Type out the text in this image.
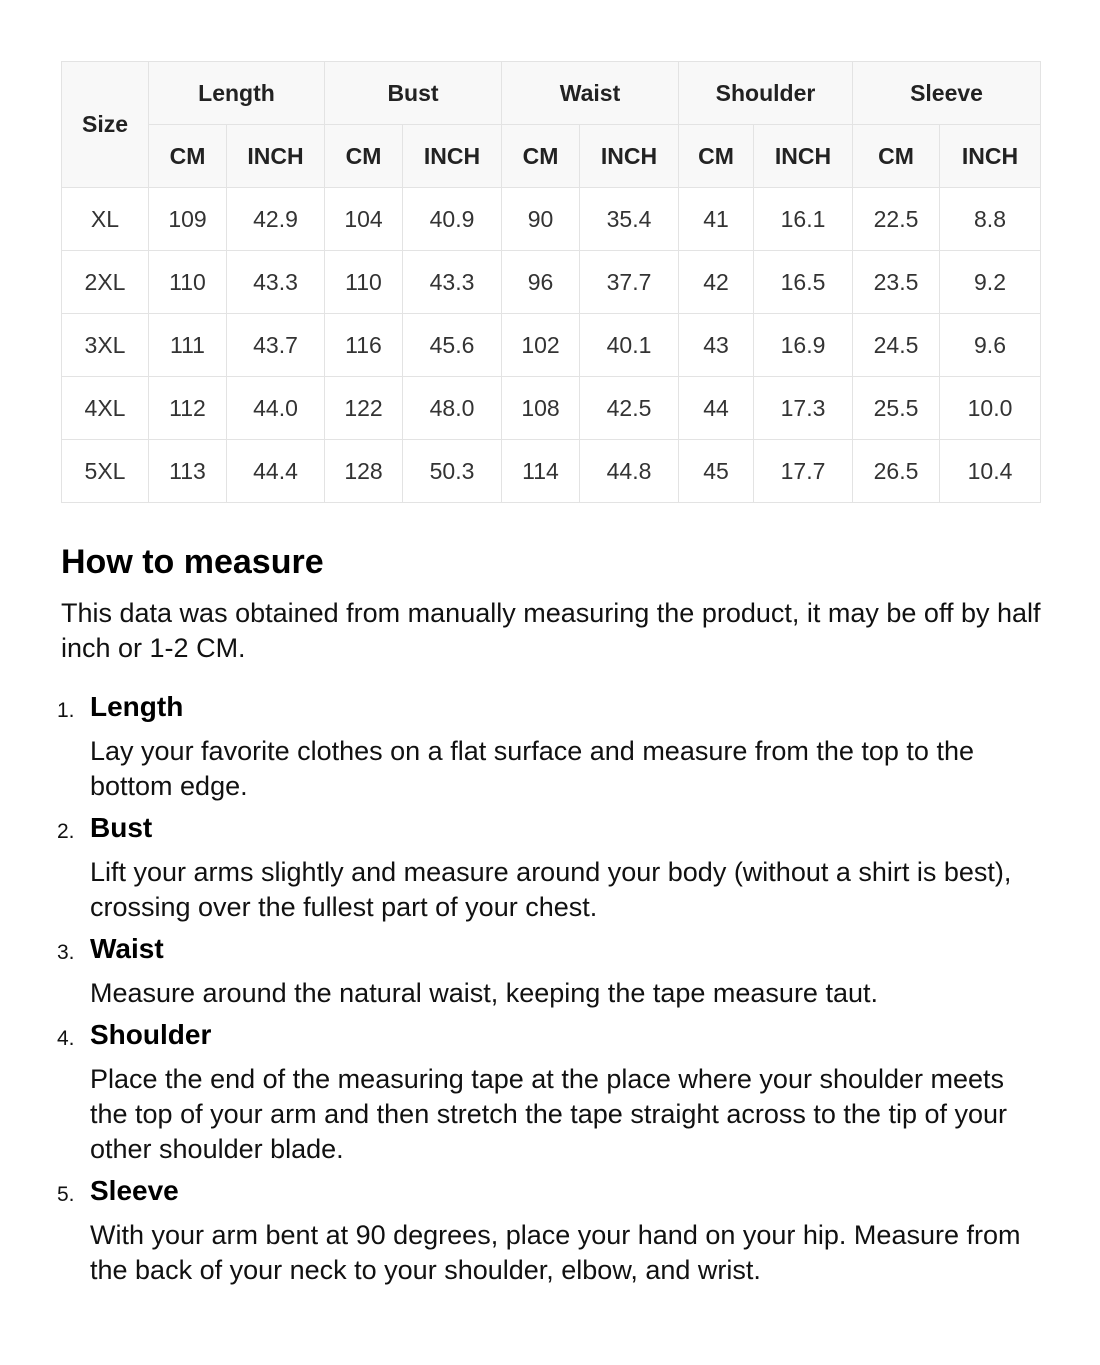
Size	Length		Bust		Waist		Shoulder		Sleeve	
	CM	INCH	CM	INCH	CM	INCH	CM	INCH	CM	INCH
XL	109	42.9	104	40.9	90	35.4	41	16.1	22.5	8.8
2XL	110	43.3	110	43.3	96	37.7	42	16.5	23.5	9.2
3XL	111	43.7	116	45.6	102	40.1	43	16.9	24.5	9.6
4XL	112	44.0	122	48.0	108	42.5	44	17.3	25.5	10.0
5XL	113	44.4	128	50.3	114	44.8	45	17.7	26.5	10.4
How to measure

This data was obtained from manually measuring the product, it may be off by half inch or 1-2 CM.

1. Length
Lay your favorite clothes on a flat surface and measure from the top to the bottom edge.
2. Bust
Lift your arms slightly and measure around your body (without a shirt is best), crossing over the fullest part of your chest.
3. Waist
Measure around the natural waist, keeping the tape measure taut.
4. Shoulder
Place the end of the measuring tape at the place where your shoulder meets the top of your arm and then stretch the tape straight across to the tip of your other shoulder blade.
5. Sleeve
With your arm bent at 90 degrees, place your hand on your hip. Measure from the back of your neck to your shoulder, elbow, and wrist.
